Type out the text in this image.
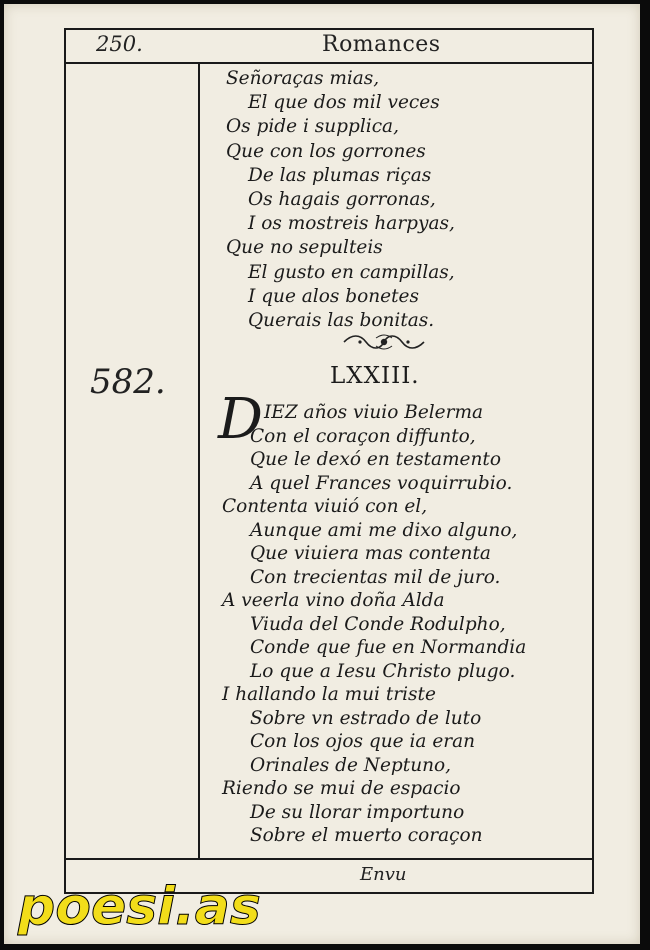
250.	Romances
582.
Señoraças mias,
El que dos mil veces
Os pide i supplica,
Que con los gorrones
De las plumas riças
Os hagais gorronas,
I os mostreis harpyas,
Que no sepulteis
El gusto en campillas,
I que alos bonetes
Querais las bonitas.
LXXIII.
D IEZ años viuio Belerma
Con el coraçon diffunto,
Que le dexó en testamento
A quel Frances voquirrubio.
Contenta viuió con el,
Aunque ami me dixo alguno,
Que viuiera mas contenta
Con trecientas mil de juro.
A veerla vino doña Alda
Viuda del Conde Rodulpho,
Conde que fue en Normandia
Lo que a Iesu Christo plugo.
I hallando la mui triste
Sobre vn estrado de luto
Con los ojos que ia eran
Orinales de Neptuno,
Riendo se mui de espacio
De su llorar importuno
Sobre el muerto coraçon
Envu
poesi.as
